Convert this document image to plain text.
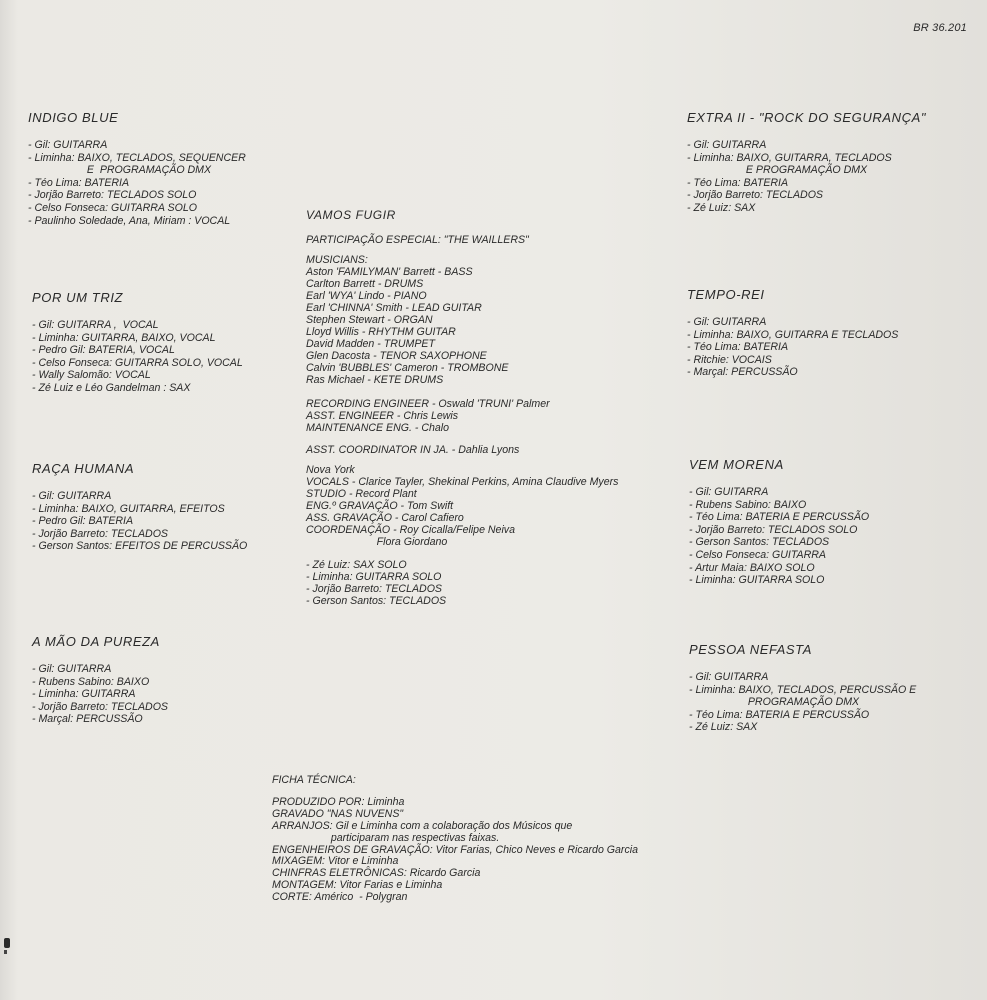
BR 36.201
INDIGO BLUE
- Gil: GUITARRA
- Liminha: BAIXO, TECLADOS, SEQUENCER
E  PROGRAMAÇÃO DMX
- Téo Lima: BATERIA
- Jorjão Barreto: TECLADOS SOLO
- Celso Fonseca: GUITARRA SOLO
- Paulinho Soledade, Ana, Miriam : VOCAL
POR UM TRIZ
- Gil: GUITARRA ,  VOCAL
- Liminha: GUITARRA, BAIXO, VOCAL
- Pedro Gil: BATERIA, VOCAL
- Celso Fonseca: GUITARRA SOLO, VOCAL
- Wally Salomão: VOCAL
- Zé Luiz e Léo Gandelman : SAX
RAÇA HUMANA
- Gil: GUITARRA
- Liminha: BAIXO, GUITARRA, EFEITOS
- Pedro Gil: BATERIA
- Jorjão Barreto: TECLADOS
- Gerson Santos: EFEITOS DE PERCUSSÃO
A MÃO DA PUREZA
- Gil: GUITARRA
- Rubens Sabino: BAIXO
- Liminha: GUITARRA
- Jorjão Barreto: TECLADOS
- Marçal: PERCUSSÃO
VAMOS FUGIR
PARTICIPAÇÃO ESPECIAL: "THE WAILLERS"
MUSICIANS:
Aston 'FAMILYMAN' Barrett - BASS
Carlton Barrett - DRUMS
Earl 'WYA' Lindo - PIANO
Earl 'CHINNA' Smith - LEAD GUITAR
Stephen Stewart - ORGAN
Lloyd Willis - RHYTHM GUITAR
David Madden - TRUMPET
Glen Dacosta - TENOR SAXOPHONE
Calvin 'BUBBLES' Cameron - TROMBONE
Ras Michael - KETE DRUMS
RECORDING ENGINEER - Oswald 'TRUNI' Palmer
ASST. ENGINEER - Chris Lewis
MAINTENANCE ENG. - Chalo
ASST. COORDINATOR IN JA. - Dahlia Lyons
Nova York
VOCALS - Clarice Tayler, Shekinal Perkins, Amina Claudive Myers
STUDIO - Record Plant
ENG.º GRAVAÇÃO - Tom Swift
ASS. GRAVAÇÃO - Carol Cafiero
COORDENAÇÃO - Roy Cicalla/Felipe Neiva
Flora Giordano
- Zé Luiz: SAX SOLO
- Liminha: GUITARRA SOLO
- Jorjão Barreto: TECLADOS
- Gerson Santos: TECLADOS
EXTRA II - "ROCK DO SEGURANÇA"
- Gil: GUITARRA
- Liminha: BAIXO, GUITARRA, TECLADOS
E PROGRAMAÇÃO DMX
- Téo Lima: BATERIA
- Jorjão Barreto: TECLADOS
- Zé Luiz: SAX
TEMPO-REI
- Gil: GUITARRA
- Liminha: BAIXO, GUITARRA E TECLADOS
- Téo Lima: BATERIA
- Ritchie: VOCAIS
- Marçal: PERCUSSÃO
VEM MORENA
- Gil: GUITARRA
- Rubens Sabino: BAIXO
- Téo Lima: BATERIA E PERCUSSÃO
- Jorjão Barreto: TECLADOS SOLO
- Gerson Santos: TECLADOS
- Celso Fonseca: GUITARRA
- Artur Maia: BAIXO SOLO
- Liminha: GUITARRA SOLO
PESSOA NEFASTA
- Gil: GUITARRA
- Liminha: BAIXO, TECLADOS, PERCUSSÃO E
PROGRAMAÇÃO DMX
- Téo Lima: BATERIA E PERCUSSÃO
- Zé Luiz: SAX
FICHA TÉCNICA:
PRODUZIDO POR: Liminha
GRAVADO "NAS NUVENS"
ARRANJOS: Gil e Liminha com a colaboração dos Músicos que
participaram nas respectivas faixas.
ENGENHEIROS DE GRAVAÇÃO: Vitor Farias, Chico Neves e Ricardo Garcia
MIXAGEM: Vitor e Liminha
CHINFRAS ELETRÔNICAS: Ricardo Garcia
MONTAGEM: Vitor Farias e Liminha
CORTE: Américo  - Polygran
